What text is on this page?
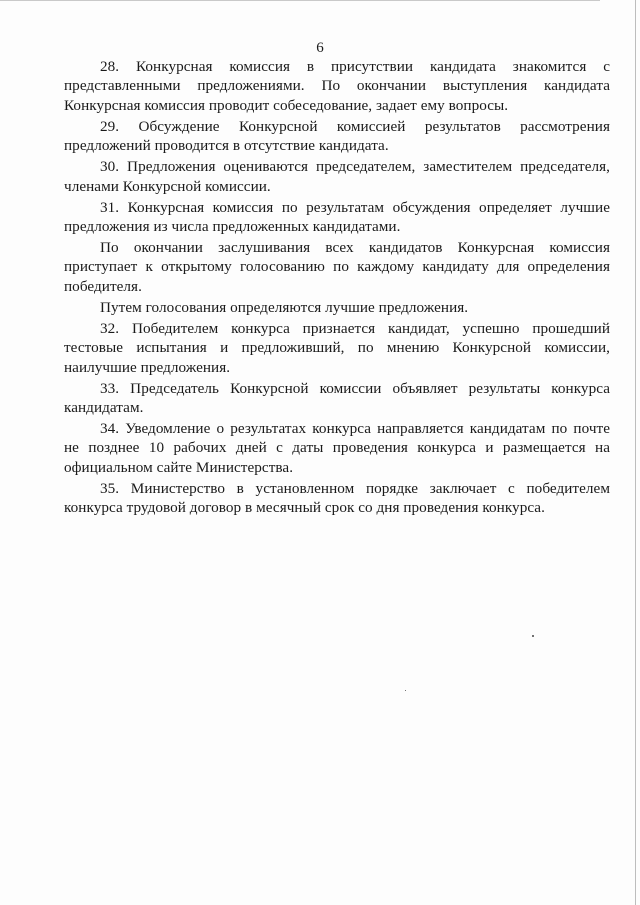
6

28. Конкурсная комиссия в присутствии кандидата знакомится с представленными предложениями. По окончании выступления кандидата Конкурсная комиссия проводит собеседование, задает ему вопросы.

29. Обсуждение Конкурсной комиссией результатов рассмотрения предложений проводится в отсутствие кандидата.

30. Предложения оцениваются председателем, заместителем председателя, членами Конкурсной комиссии.

31. Конкурсная комиссия по результатам обсуждения определяет лучшие предложения из числа предложенных кандидатами.

По окончании заслушивания всех кандидатов Конкурсная комиссия приступает к открытому голосованию по каждому кандидату для определения победителя.

Путем голосования определяются лучшие предложения.

32. Победителем конкурса признается кандидат, успешно прошедший тестовые испытания и предложивший, по мнению Конкурсной комиссии, наилучшие предложения.

33. Председатель Конкурсной комиссии объявляет результаты конкурса кандидатам.

34. Уведомление о результатах конкурса направляется кандидатам по почте не позднее 10 рабочих дней с даты проведения конкурса и размещается на официальном сайте Министерства.

35. Министерство в установленном порядке заключает с победителем конкурса трудовой договор в месячный срок со дня проведения конкурса.
